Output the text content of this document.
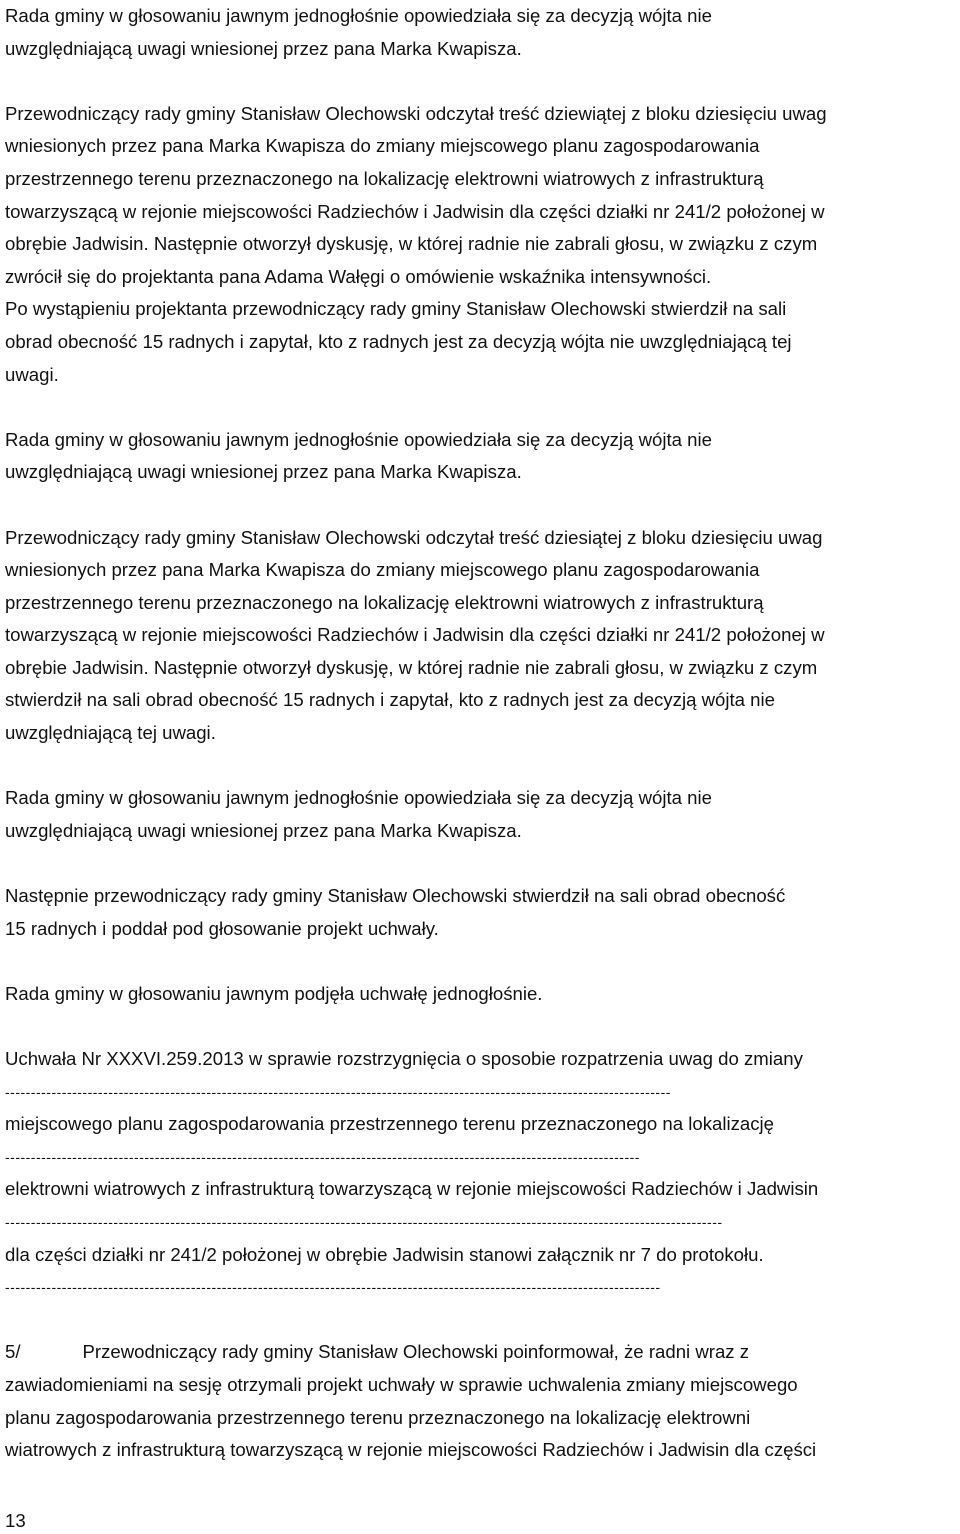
Rada gminy w głosowaniu jawnym jednogłośnie opowiedziała się za decyzją wójta nie
uwzględniającą uwagi wniesionej przez pana Marka Kwapisza.
Przewodniczący rady gminy Stanisław Olechowski odczytał treść dziewiątej z bloku dziesięciu uwag
wniesionych przez pana Marka Kwapisza do zmiany miejscowego planu zagospodarowania
przestrzennego terenu przeznaczonego na lokalizację elektrowni wiatrowych z infrastrukturą
towarzyszącą w rejonie miejscowości Radziechów i Jadwisin dla części działki nr 241/2 położonej w
obrębie Jadwisin. Następnie otworzył dyskusję, w której radnie nie zabrali głosu, w związku z czym
zwrócił się do projektanta pana Adama Wałęgi o omówienie wskaźnika intensywności.
Po wystąpieniu projektanta przewodniczący rady gminy Stanisław Olechowski stwierdził na sali
obrad obecność 15 radnych i zapytał, kto z radnych jest za decyzją wójta nie uwzględniającą tej
uwagi.
Rada gminy w głosowaniu jawnym jednogłośnie opowiedziała się za decyzją wójta nie
uwzględniającą uwagi wniesionej przez pana Marka Kwapisza.
Przewodniczący rady gminy Stanisław Olechowski odczytał treść dziesiątej z bloku dziesięciu uwag
wniesionych przez pana Marka Kwapisza do zmiany miejscowego planu zagospodarowania
przestrzennego terenu przeznaczonego na lokalizację elektrowni wiatrowych z infrastrukturą
towarzyszącą w rejonie miejscowości Radziechów i Jadwisin dla części działki nr 241/2 położonej w
obrębie Jadwisin. Następnie otworzył dyskusję, w której radnie nie zabrali głosu, w związku z czym
stwierdził na sali obrad obecność 15 radnych i zapytał, kto z radnych jest za decyzją wójta nie
uwzględniającą tej uwagi.
Rada gminy w głosowaniu jawnym jednogłośnie opowiedziała się za decyzją wójta nie
uwzględniającą uwagi wniesionej przez pana Marka Kwapisza.
Następnie przewodniczący rady gminy Stanisław Olechowski stwierdził na sali obrad obecność
15 radnych i poddał pod głosowanie projekt uchwały.
Rada gminy w głosowaniu jawnym podjęła uchwałę jednogłośnie.
Uchwała Nr XXXVI.259.2013 w sprawie rozstrzygnięcia o sposobie rozpatrzenia uwag do zmiany
---------------------------------------------------------------------------------------------------------------------------------
miejscowego planu zagospodarowania przestrzennego terenu przeznaczonego na lokalizację
---------------------------------------------------------------------------------------------------------------------------
elektrowni wiatrowych z infrastrukturą towarzyszącą w rejonie miejscowości Radziechów i Jadwisin
-------------------------------------------------------------------------------------------------------------------------------------------
dla części działki nr 241/2 położonej w obrębie Jadwisin stanowi załącznik nr 7 do protokołu.
-------------------------------------------------------------------------------------------------------------------------------
5/	Przewodniczący rady gminy Stanisław Olechowski poinformował, że radni wraz z
zawiadomieniami na sesję otrzymali projekt uchwały w sprawie uchwalenia zmiany miejscowego
planu zagospodarowania przestrzennego terenu przeznaczonego na lokalizację elektrowni
wiatrowych z infrastrukturą towarzyszącą w rejonie miejscowości Radziechów i Jadwisin dla części
13
